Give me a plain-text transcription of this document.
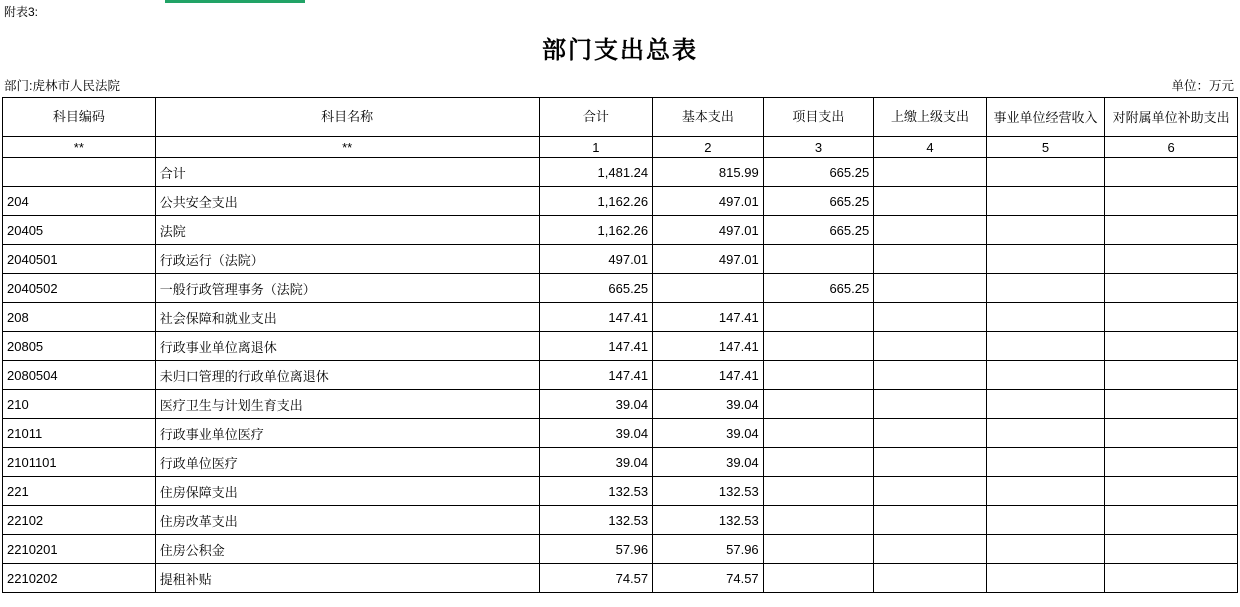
附表3:
部门支出总表
部门:虎林市人民法院	单位：万元
科目编码	科目名称	合计	基本支出	项目支出	上缴上级支出	事业单位经营收入	对附属单位补助支出
**	**	1	2	3	4	5	6
	合计	1,481.24	815.99	665.25			
204	公共安全支出	1,162.26	497.01	665.25			
20405	法院	1,162.26	497.01	665.25			
2040501	行政运行（法院）	497.01	497.01				
2040502	一般行政管理事务（法院）	665.25		665.25			
208	社会保障和就业支出	147.41	147.41				
20805	行政事业单位离退休	147.41	147.41				
2080504	未归口管理的行政单位离退休	147.41	147.41				
210	医疗卫生与计划生育支出	39.04	39.04				
21011	行政事业单位医疗	39.04	39.04				
2101101	行政单位医疗	39.04	39.04				
221	住房保障支出	132.53	132.53				
22102	住房改革支出	132.53	132.53				
2210201	住房公积金	57.96	57.96				
2210202	提租补贴	74.57	74.57				
